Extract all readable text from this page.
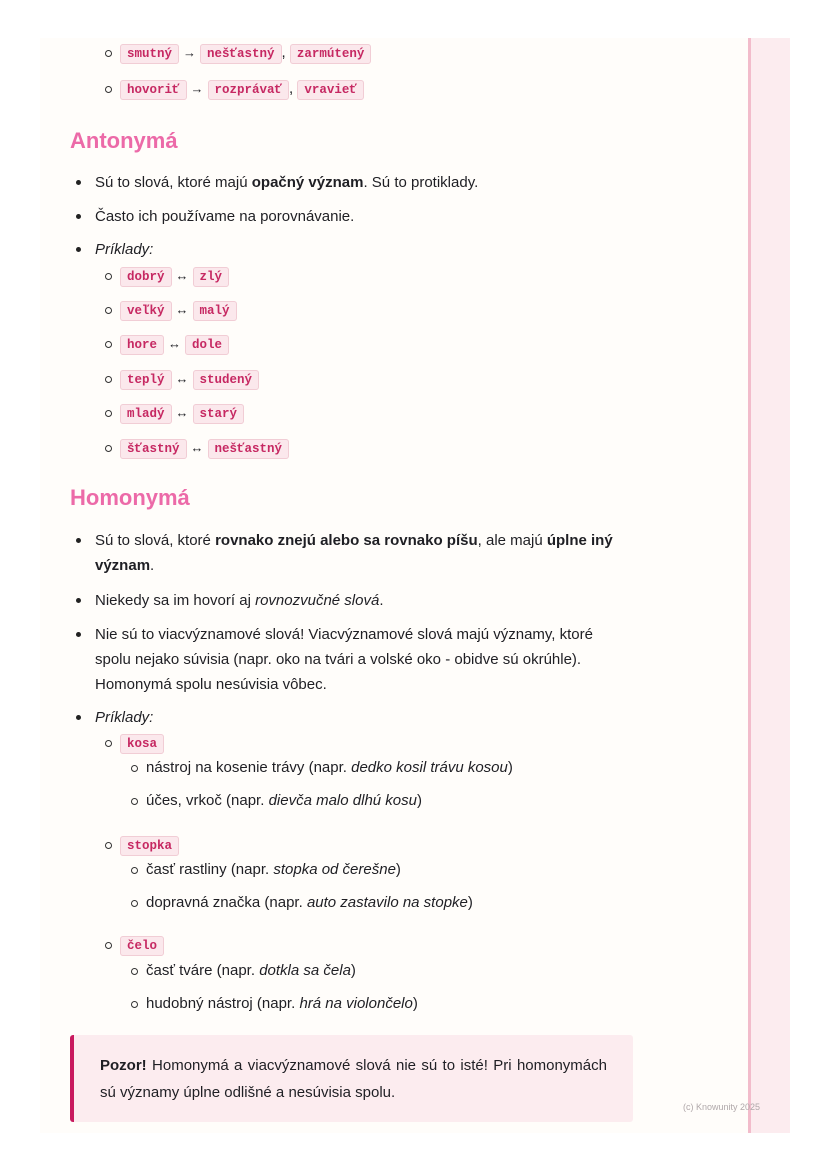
smutný → nešťastný , zarmútený
hovoriť → rozprávať , vravieť
Antonymá
Sú to slová, ktoré majú opačný význam. Sú to protiklady.
Často ich používame na porovnávanie.
Príklady:
Homonymá
Sú to slová, ktoré rovnako znejú alebo sa rovnako píšu, ale majú úplne iný význam.
Niekedy sa im hovorí aj rovnozvučné slová.
Nie sú to viacvýznamové slová! Viacvýznamové slová majú významy, ktoré spolu nejako súvisia (napr. oko na tvári a volské oko - obidve sú okrúhle). Homonymá spolu nesúvisia vôbec.
Príklady:
Pozor! Homonymá a viacvýznamové slová nie sú to isté! Pri homonymách sú významy úplne odlišné a nesúvisia spolu.
(c) Knowunity 2025
dobrý ↔ zlý
veľký ↔ malý
hore ↔ dole
teplý ↔ studený
mladý ↔ starý
šťastný ↔ nešťastný
kosa
nástroj na kosenie trávy (napr. dedko kosil trávu kosou)
účes, vrkoč (napr. dievča malo dlhú kosu)
stopka
časť rastliny (napr. stopka od čerešne)
dopravná značka (napr. auto zastavilo na stopke)
čelo
časť tváre (napr. dotkla sa čela)
hudobný nástroj (napr. hrá na violončelo)
